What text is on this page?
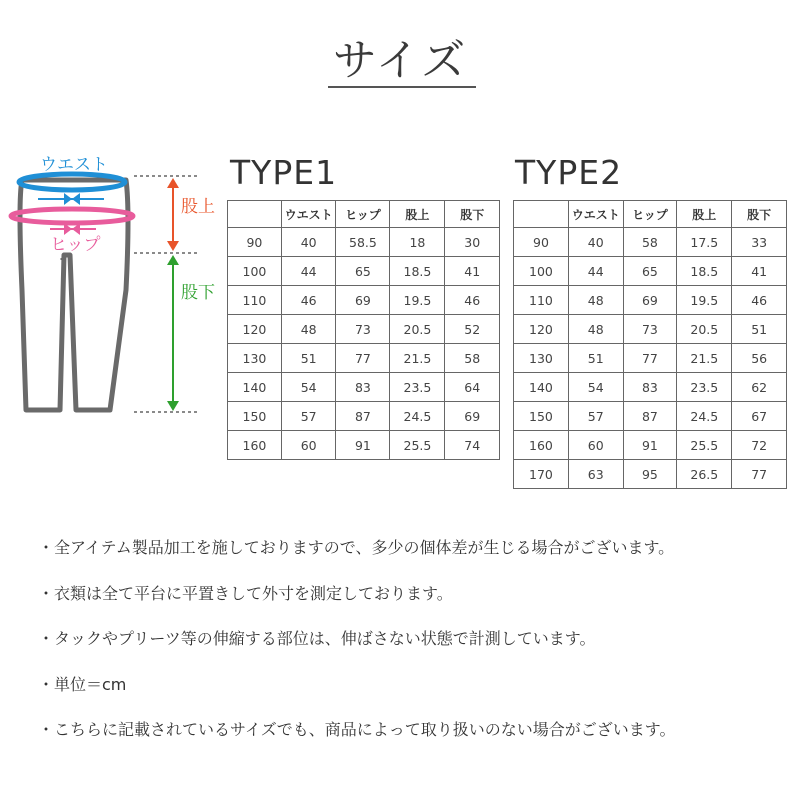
サイズ
ウエスト
ヒップ
股上
股下
TYPE1	TYPE2
	ウエスト	ヒップ	股上	股下
90	40	58.5	18	30
100	44	65	18.5	41
110	46	69	19.5	46
120	48	73	20.5	52
130	51	77	21.5	58
140	54	83	23.5	64
150	57	87	24.5	69
160	60	91	25.5	74
	ウエスト	ヒップ	股上	股下
90	40	58	17.5	33
100	44	65	18.5	41
110	48	69	19.5	46
120	48	73	20.5	51
130	51	77	21.5	56
140	54	83	23.5	62
150	57	87	24.5	67
160	60	91	25.5	72
170	63	95	26.5	77
・全アイテム製品加工を施しておりますので、多少の個体差が生じる場合がございます。
・衣類は全て平台に平置きして外寸を測定しております。
・タックやプリーツ等の伸縮する部位は、伸ばさない状態で計測しています。
・単位＝cm
・こちらに記載されているサイズでも、商品によって取り扱いのない場合がございます。
